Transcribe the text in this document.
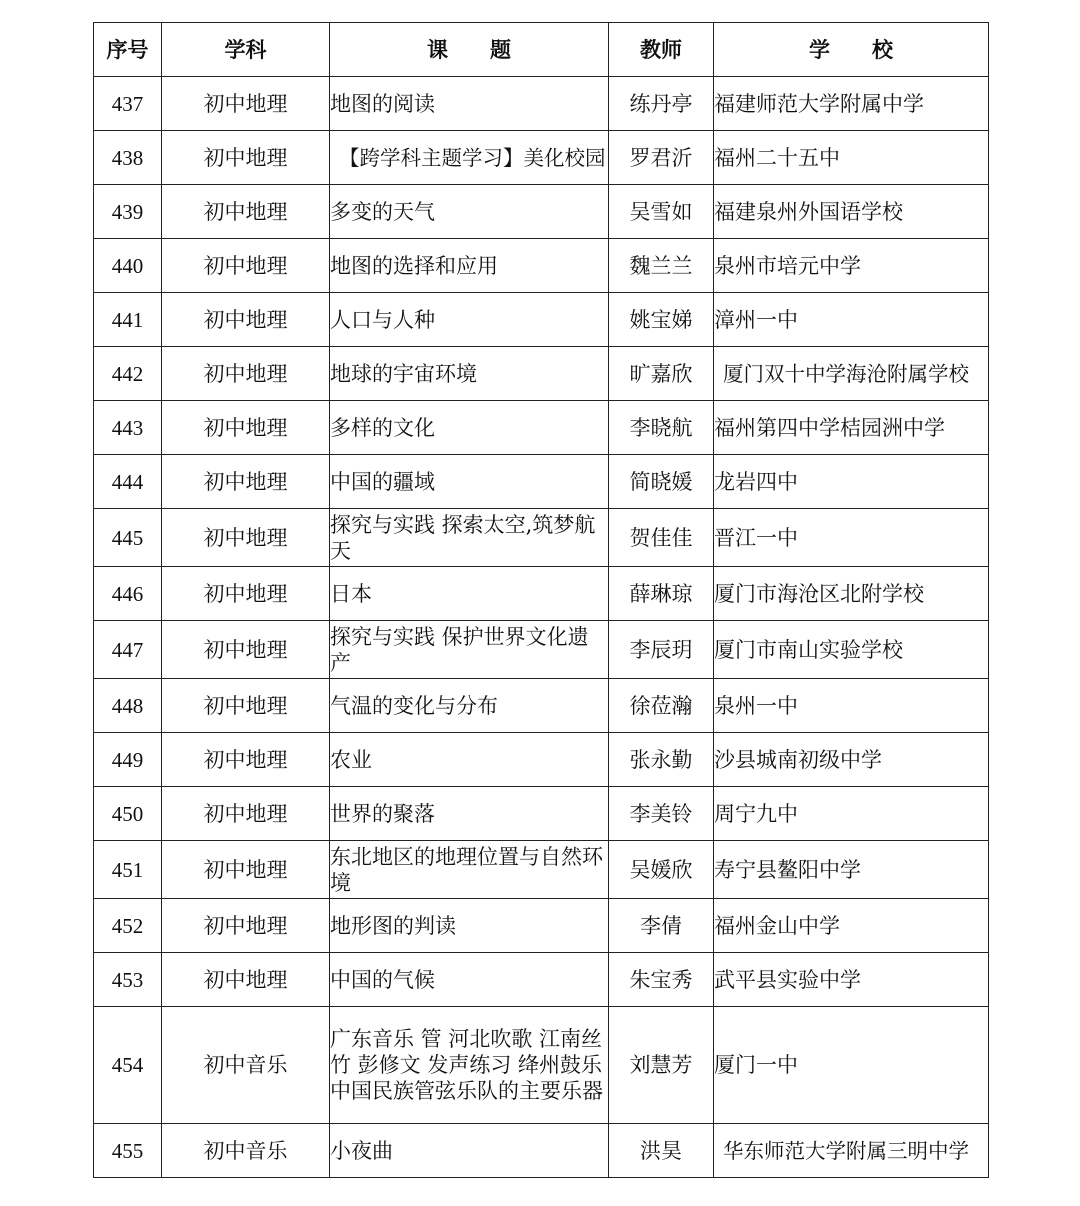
序号	学科	课　　题	教师	学　　校
437	初中地理	地图的阅读	练丹亭	福建师范大学附属中学
438	初中地理	【跨学科主题学习】美化校园	罗君沂	福州二十五中
439	初中地理	多变的天气	吴雪如	福建泉州外国语学校
440	初中地理	地图的选择和应用	魏兰兰	泉州市培元中学
441	初中地理	人口与人种	姚宝娣	漳州一中
442	初中地理	地球的宇宙环境	旷嘉欣	厦门双十中学海沧附属学校
443	初中地理	多样的文化	李晓航	福州第四中学桔园洲中学
444	初中地理	中国的疆域	简晓媛	龙岩四中
445	初中地理	探究与实践 探索太空,筑梦航天	贺佳佳	晋江一中
446	初中地理	日本	薛琳琼	厦门市海沧区北附学校
447	初中地理	探究与实践 保护世界文化遗产	李辰玥	厦门市南山实验学校
448	初中地理	气温的变化与分布	徐莅瀚	泉州一中
449	初中地理	农业	张永勤	沙县城南初级中学
450	初中地理	世界的聚落	李美铃	周宁九中
451	初中地理	东北地区的地理位置与自然环境	吴媛欣	寿宁县鳌阳中学
452	初中地理	地形图的判读	李倩	福州金山中学
453	初中地理	中国的气候	朱宝秀	武平县实验中学
454	初中音乐	广东音乐 管 河北吹歌 江南丝竹 彭修文 发声练习 绛州鼓乐 中国民族管弦乐队的主要乐器	刘慧芳	厦门一中
455	初中音乐	小夜曲	洪昊	华东师范大学附属三明中学
